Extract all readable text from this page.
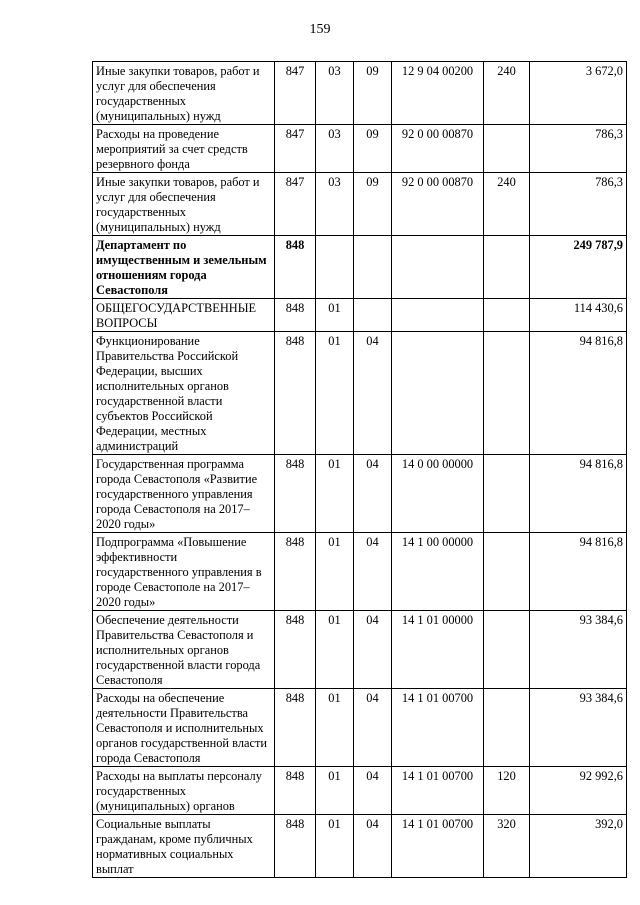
159
Иные закупки товаров, работ и услуг для обеспечения государственных (муниципальных) нужд	847	03	09	12 9 04 00200	240	3 672,0
Расходы на проведение мероприятий за счет средств резервного фонда	847	03	09	92 0 00 00870		786,3
Иные закупки товаров, работ и услуг для обеспечения государственных (муниципальных) нужд	847	03	09	92 0 00 00870	240	786,3
Департамент по имущественным и земельным отношениям города Севастополя	848					249 787,9
ОБЩЕГОСУДАРСТВЕННЫЕ ВОПРОСЫ	848	01				114 430,6
Функционирование Правительства Российской Федерации, высших исполнительных органов государственной власти субъектов Российской Федерации, местных администраций	848	01	04			94 816,8
Государственная программа города Севастополя «Развитие государственного управления города Севастополя на 2017–2020 годы»	848	01	04	14 0 00 00000		94 816,8
Подпрограмма «Повышение эффективности государственного управления в городе Севастополе на 2017–2020 годы»	848	01	04	14 1 00 00000		94 816,8
Обеспечение деятельности Правительства Севастополя и исполнительных органов государственной власти города Севастополя	848	01	04	14 1 01 00000		93 384,6
Расходы на обеспечение деятельности Правительства Севастополя и исполнительных органов государственной власти города Севастополя	848	01	04	14 1 01 00700		93 384,6
Расходы на выплаты персоналу государственных (муниципальных) органов	848	01	04	14 1 01 00700	120	92 992,6
Социальные выплаты гражданам, кроме публичных нормативных социальных выплат	848	01	04	14 1 01 00700	320	392,0
